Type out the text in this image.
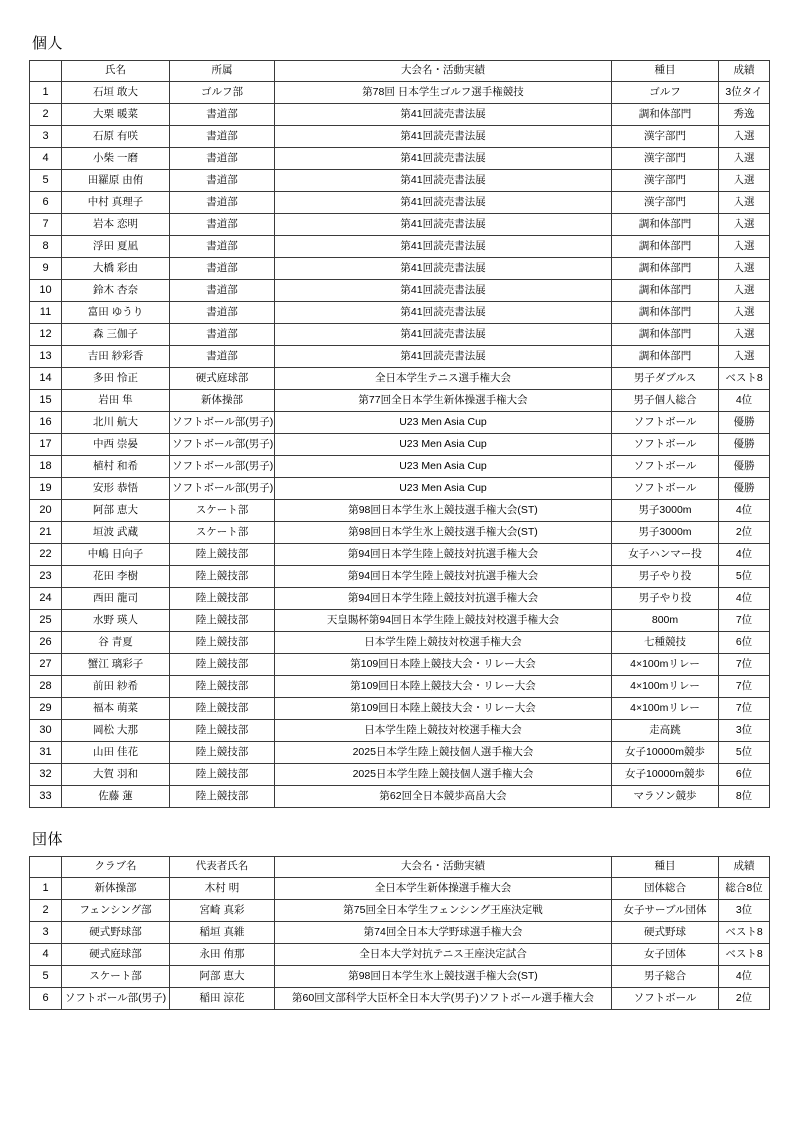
個人
	氏名	所属	大会名・活動実績	種目	成績
1	石垣 敢大	ゴルフ部	第78回 日本学生ゴルフ選手権競技	ゴルフ	3位タイ
2	大栗 暖菜	書道部	第41回読売書法展	調和体部門	秀逸
3	石原 有咲	書道部	第41回読売書法展	漢字部門	入選
4	小柴 一磨	書道部	第41回読売書法展	漢字部門	入選
5	田羅原 由侑	書道部	第41回読売書法展	漢字部門	入選
6	中村 真理子	書道部	第41回読売書法展	漢字部門	入選
7	岩本 恋明	書道部	第41回読売書法展	調和体部門	入選
8	浮田 夏凪	書道部	第41回読売書法展	調和体部門	入選
9	大橋 彩由	書道部	第41回読売書法展	調和体部門	入選
10	鈴木 杏奈	書道部	第41回読売書法展	調和体部門	入選
11	富田 ゆうり	書道部	第41回読売書法展	調和体部門	入選
12	森 三伽子	書道部	第41回読売書法展	調和体部門	入選
13	吉田 紗彩香	書道部	第41回読売書法展	調和体部門	入選
14	多田 怜正	硬式庭球部	全日本学生テニス選手権大会	男子ダブルス	ベスト8
15	岩田 隼	新体操部	第77回全日本学生新体操選手権大会	男子個人総合	4位
16	北川 航大	ソフトボール部(男子)	U23 Men Asia Cup	ソフトボール	優勝
17	中西 崇晏	ソフトボール部(男子)	U23 Men Asia Cup	ソフトボール	優勝
18	植村 和希	ソフトボール部(男子)	U23 Men Asia Cup	ソフトボール	優勝
19	安形 恭悟	ソフトボール部(男子)	U23 Men Asia Cup	ソフトボール	優勝
20	阿部 恵大	スケート部	第98回日本学生氷上競技選手権大会(ST)	男子3000m	4位
21	垣波 武蔵	スケート部	第98回日本学生氷上競技選手権大会(ST)	男子3000m	2位
22	中嶋 日向子	陸上競技部	第94回日本学生陸上競技対抗選手権大会	女子ハンマー投	4位
23	花田 李樹	陸上競技部	第94回日本学生陸上競技対抗選手権大会	男子やり投	5位
24	西田 龍司	陸上競技部	第94回日本学生陸上競技対抗選手権大会	男子やり投	4位
25	水野 瑛人	陸上競技部	天皇賜杯第94回日本学生陸上競技対校選手権大会	800m	7位
26	谷 青夏	陸上競技部	日本学生陸上競技対校選手権大会	七種競技	6位
27	蟹江 璃彩子	陸上競技部	第109回日本陸上競技大会・リレー大会	4×100mリレー	7位
28	前田 紗希	陸上競技部	第109回日本陸上競技大会・リレー大会	4×100mリレー	7位
29	福本 萌菜	陸上競技部	第109回日本陸上競技大会・リレー大会	4×100mリレー	7位
30	岡松 大那	陸上競技部	日本学生陸上競技対校選手権大会	走高跳	3位
31	山田 佳花	陸上競技部	2025日本学生陸上競技個人選手権大会	女子10000m競歩	5位
32	大賀 羽和	陸上競技部	2025日本学生陸上競技個人選手権大会	女子10000m競歩	6位
33	佐藤 蓮	陸上競技部	第62回全日本競歩高畠大会	マラソン競歩	8位
団体
	クラブ名	代表者氏名	大会名・活動実績	種目	成績
1	新体操部	木村 明	全日本学生新体操選手権大会	団体総合	総合8位
2	フェンシング部	宮崎 真彩	第75回全日本学生フェンシング王座決定戦	女子サーブル団体	3位
3	硬式野球部	稲垣 真維	第74回全日本大学野球選手権大会	硬式野球	ベスト8
4	硬式庭球部	永田 侑那	全日本大学対抗テニス王座決定試合	女子団体	ベスト8
5	スケート部	阿部 恵大	第98回日本学生氷上競技選手権大会(ST)	男子総合	4位
6	ソフトボール部(男子)	稲田 涼花	第60回文部科学大臣杯全日本大学(男子)ソフトボール選手権大会	ソフトボール	2位
